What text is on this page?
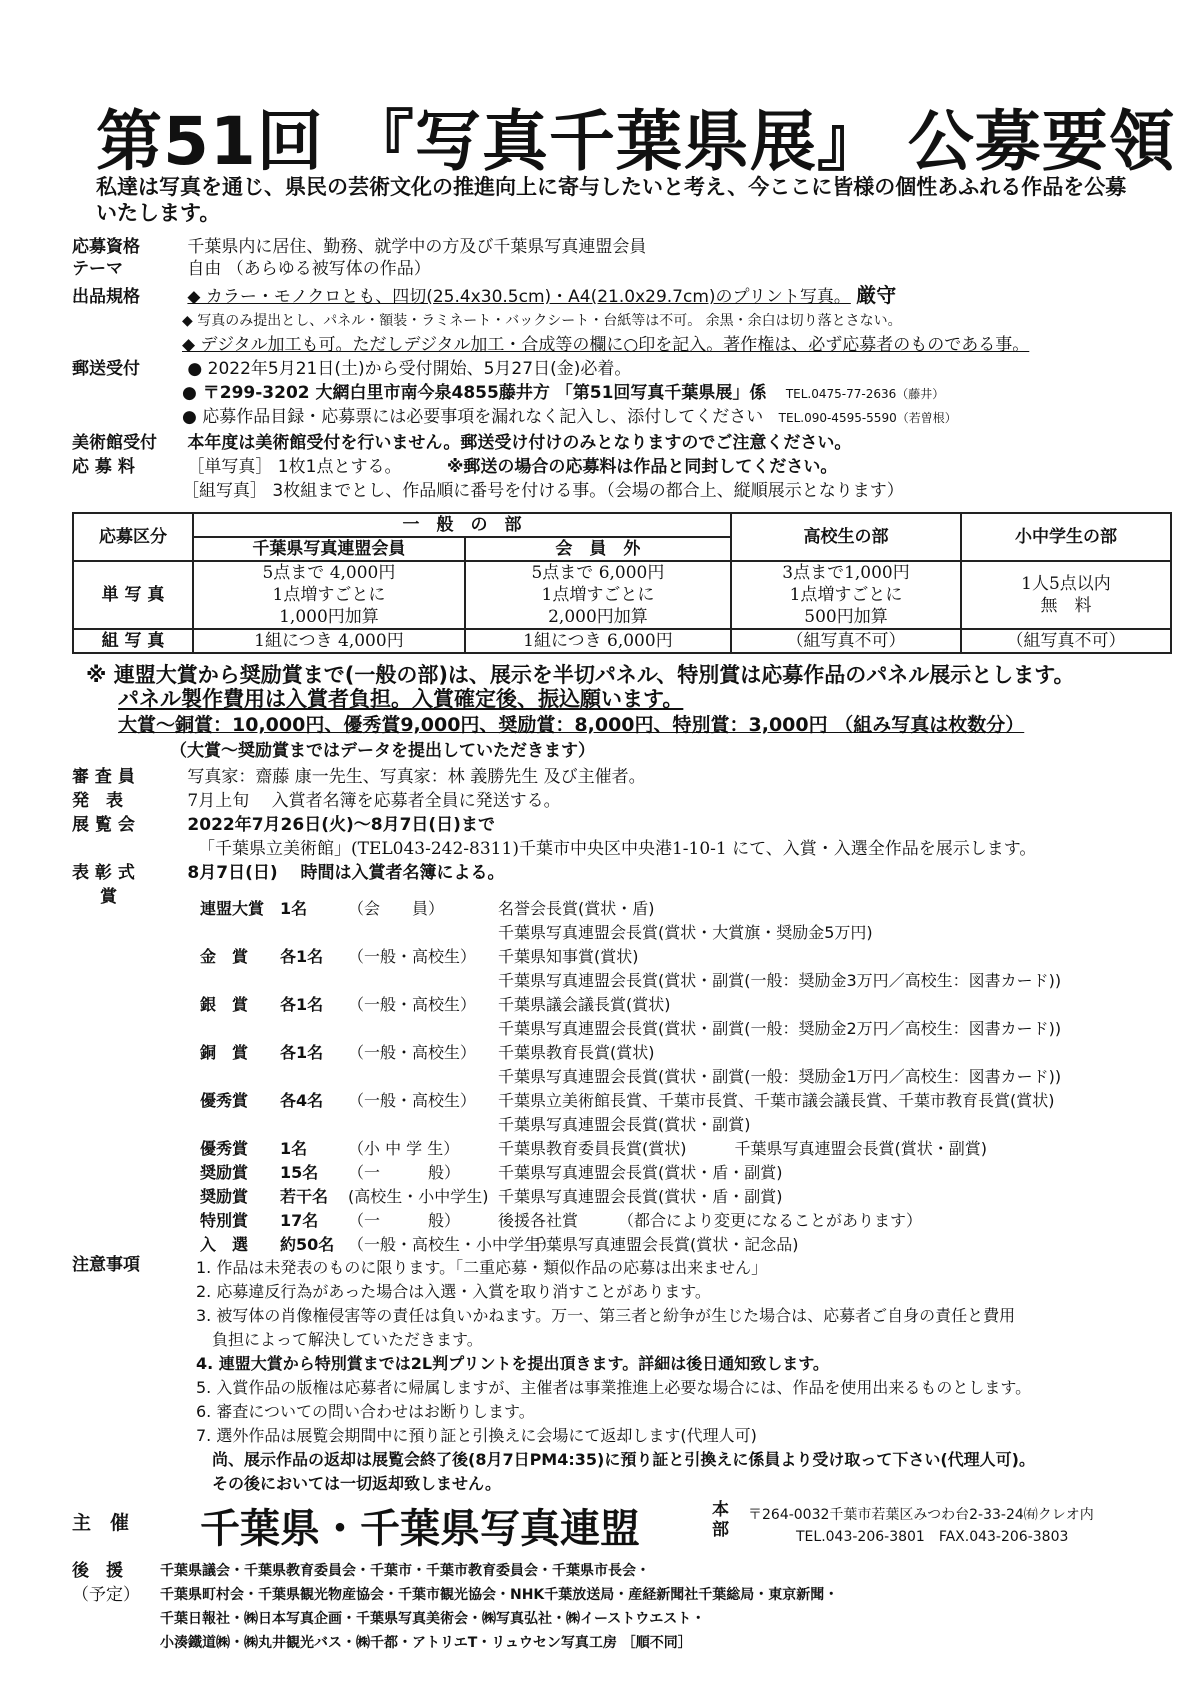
第51回 『写真千葉県展』 公募要領
私達は写真を通じ、県民の芸術文化の推進向上に寄与したいと考え、今ここに皆様の個性あふれる作品を公募いたします。
応募資格	千葉県内に居住、勤務、就学中の方及び千葉県写真連盟会員
テーマ	自由 （あらゆる被写体の作品）
出品規格	◆ カラー・モノクロとも、四切(25.4x30.5cm)・A4(21.0x29.7cm)のプリント写真。 厳守
◆ 写真のみ提出とし、パネル・額装・ラミネート・バックシート・台紙等は不可。 余黒・余白は切り落とさない。
◆ デジタル加工も可。ただしデジタル加工・合成等の欄に○印を記入。著作権は、必ず応募者のものである事。
郵送受付	● 2022年5月21日(土)から受付開始、5月27日(金)必着。
● 〒299-3202 大網白里市南今泉4855藤井方 「第51回写真千葉県展」係 TEL.0475-77-2636（藤井）
● 応募作品目録・応募票には必要事項を漏れなく記入し、添付してください TEL.090-4595-5590（若曽根）
美術館受付 本年度は美術館受付を行いません。郵送受け付けのみとなりますのでご注意ください。
応 募 料	［単写真］ 1枚1点とする。	※郵送の場合の応募料は作品と同封してください。
［組写真］ 3枚組までとし、作品順に番号を付ける事。（会場の都合上、縦順展示となります）
応募区分	一　般　の　部		高校生の部	小中学生の部
	千葉県写真連盟会員	会　員　外		
単 写 真	5点まで 4,000円
1点増すごとに
1,000円加算	5点まで 6,000円
1点増すごとに
2,000円加算	3点まで1,000円
1点増すごとに
500円加算	1人5点以内
無　料
組 写 真	1組につき 4,000円	1組につき 6,000円	（組写真不可）	（組写真不可）
※ 連盟大賞から奨励賞まで(一般の部)は、展示を半切パネル、特別賞は応募作品のパネル展示とします。
パネル製作費用は入賞者負担。入賞確定後、振込願います。
大賞～銅賞：10,000円、優秀賞9,000円、奨励賞：8,000円、特別賞：3,000円 （組み写真は枚数分）
（大賞～奨励賞まではデータを提出していただきます）
審 査 員	写真家：齋藤 康一先生、写真家：林 義勝先生 及び主催者。
発　表	7月上旬　 入賞者名簿を応募者全員に発送する。
展 覧 会	2022年7月26日(火)～8月7日(日)まで
「千葉県立美術館」(TEL043-242-8311)千葉市中央区中央港1-10-1 にて、入賞・入選全作品を展示します。
表 彰 式	8月7日(日)　 時間は入賞者名簿による。
賞
連盟大賞 1名	（会　　員）	名誉会長賞(賞状・盾)
千葉県写真連盟会長賞(賞状・大賞旗・奨励金5万円)
金　賞 各1名 （一般・高校生） 千葉県知事賞(賞状)
千葉県写真連盟会長賞(賞状・副賞(一般：奨励金3万円／高校生：図書カード))
銀　賞 各1名 （一般・高校生） 千葉県議会議長賞(賞状)
千葉県写真連盟会長賞(賞状・副賞(一般：奨励金2万円／高校生：図書カード))
銅　賞 各1名 （一般・高校生） 千葉県教育長賞(賞状)
千葉県写真連盟会長賞(賞状・副賞(一般：奨励金1万円／高校生：図書カード))
優秀賞 各4名 （一般・高校生） 千葉県立美術館長賞、千葉市長賞、千葉市議会議長賞、千葉市教育長賞(賞状)
千葉県写真連盟会長賞(賞状・副賞)
優秀賞 1名	（小 中 学 生） 千葉県教育委員長賞(賞状)　　　千葉県写真連盟会長賞(賞状・副賞)
奨励賞 15名 （一　　　般） 千葉県写真連盟会長賞(賞状・盾・副賞)
奨励賞 若干名 (高校生・小中学生) 千葉県写真連盟会長賞(賞状・盾・副賞)
特別賞 17名 （一　　　般） 後援各社賞　　　（都合により変更になることがあります）
入　選 約50名 （一般・高校生・小中学生）　　千葉県写真連盟会長賞(賞状・記念品)
注意事項	1. 作品は未発表のものに限ります。「二重応募・類似作品の応募は出来ません」
2. 応募違反行為があった場合は入選・入賞を取り消すことがあります。
3. 被写体の肖像権侵害等の責任は負いかねます。万一、第三者と紛争が生じた場合は、応募者ご自身の責任と費用
　負担によって解決していただきます。
4. 連盟大賞から特別賞までは2L判プリントを提出頂きます。詳細は後日通知致します。
5. 入賞作品の版権は応募者に帰属しますが、主催者は事業推進上必要な場合には、作品を使用出来るものとします。
6. 審査についての問い合わせはお断りします。
7. 選外作品は展覧会期間中に預り証と引換えに会場にて返却します(代理人可)
　尚、展示作品の返却は展覧会終了後(8月7日PM4:35)に預り証と引換えに係員より受け取って下さい(代理人可)。
　その後においては一切返却致しません。
主　催 千葉県・千葉県写真連盟	本部
〒264-0032千葉市若葉区みつわ台2-33-24㈲クレオ内
TEL.043-206-3801　FAX.043-206-3803
後　援
（予定）
千葉県議会・千葉県教育委員会・千葉市・千葉市教育委員会・千葉県市長会・
千葉県町村会・千葉県観光物産協会・千葉市観光協会・NHK千葉放送局・産経新聞社千葉総局・東京新聞・
千葉日報社・㈱日本写真企画・千葉県写真美術会・㈱写真弘社・㈱イーストウエスト・
小湊鐵道㈱・㈱丸井観光バス・㈱千都・アトリエT・リュウセン写真工房 ［順不同］
